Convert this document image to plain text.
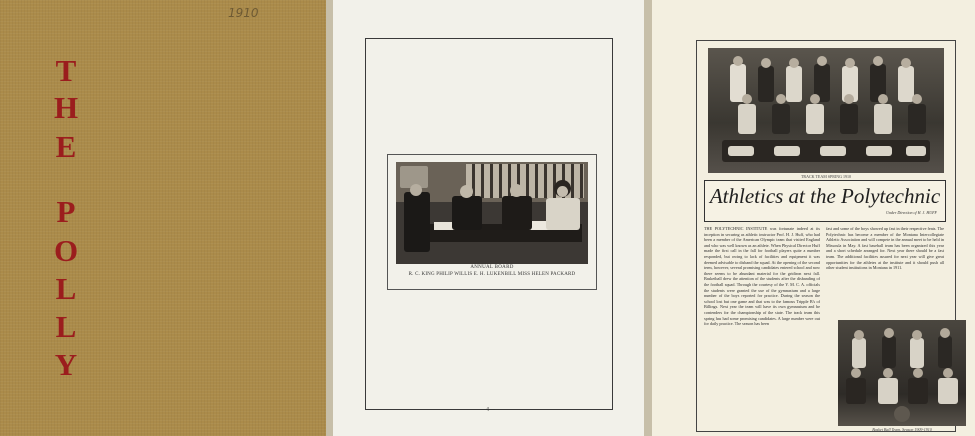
1910
T
H
E
P
O
L
L
Y
ANNUAL BOARD
R. C. KING PHILIP WILLIS E. H. LUKENBILL MISS HELEN PACKARD
—4—
TRACK TEAM SPRING 1910
Athletics at the Polytechnic
Under Direction of H. J. HUFF
THE POLYTECHNIC INSTITUTE was fortunate indeed at its inception in securing as athletic instructor Prof. H. J. Huff, who had been a member of the American Olympic team that visited England and who was well known as an athlete. When Physical Director Huff made the first call in the fall for football players quite a number responded, but owing to lack of facilities and equipment it was deemed advisable to disband the squad. At the opening of the second term, however, several promising candidates entered school and now there seems to be abundant material for the gridiron next fall. Basketball drew the attention of the students after the disbanding of the football squad. Through the courtesy of the Y. M. C. A. officials the students were granted the use of the gymnasium and a large number of the boys reported for practice. During the season the school lost but one game and that was to the famous Tripple B's of Billings. Next year the team will have its own gymnasium and be contenders for the championship of the state. The track team this spring has had some promising candidates. A large number were out for daily practice. The season has been
fast and some of the boys showed up fast in their respective feats. The Polytechnic has become a member of the Montana Intercollegiate Athletic Association and will compete in the annual meet to be held in Missoula in May. A fast baseball team has been organized this year and a short schedule arranged for. Next year there should be a fast team. The additional facilities assured for next year will give great opportunities for the athletes at the institute and it should push all other student institutions in Montana in 1911.
Basket Ball Team, Season 1909-1910
